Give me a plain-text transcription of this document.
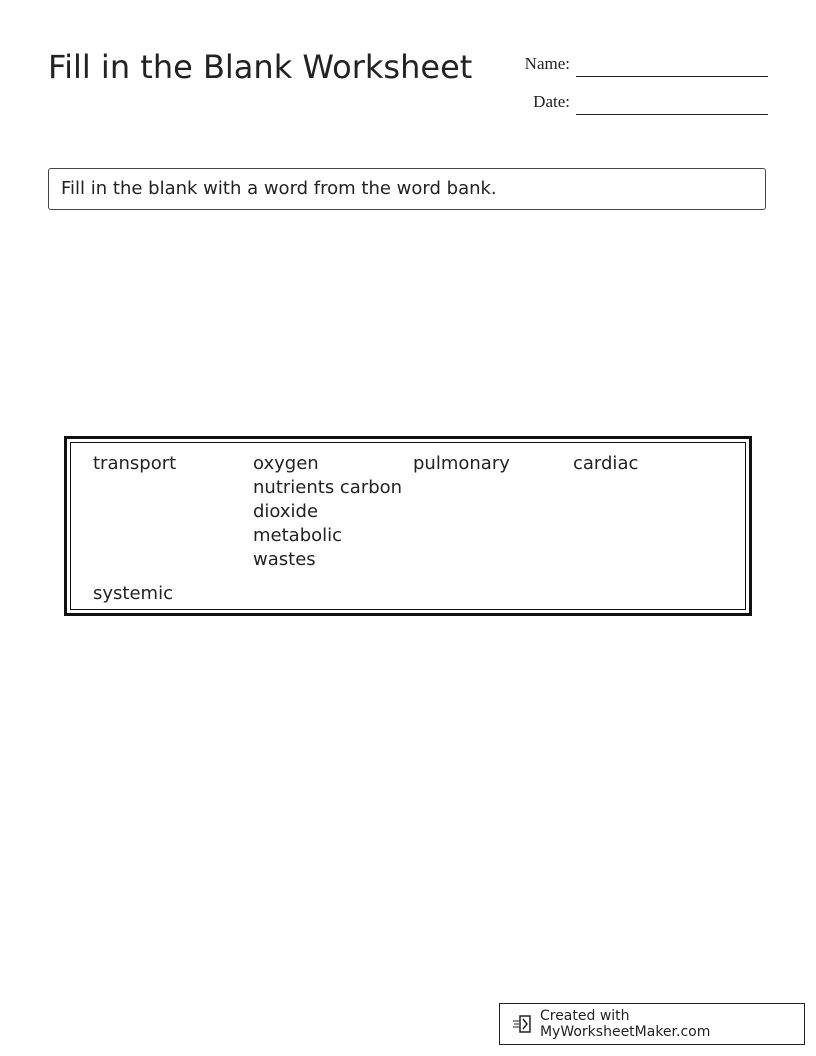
Fill in the Blank Worksheet	Name:
Date:
Fill in the blank with a word from the word bank.
transport	oxygen nutrients carbon dioxide metabolic wastes
pulmonary	cardiac
systemic
Created with MyWorksheetMaker.com
